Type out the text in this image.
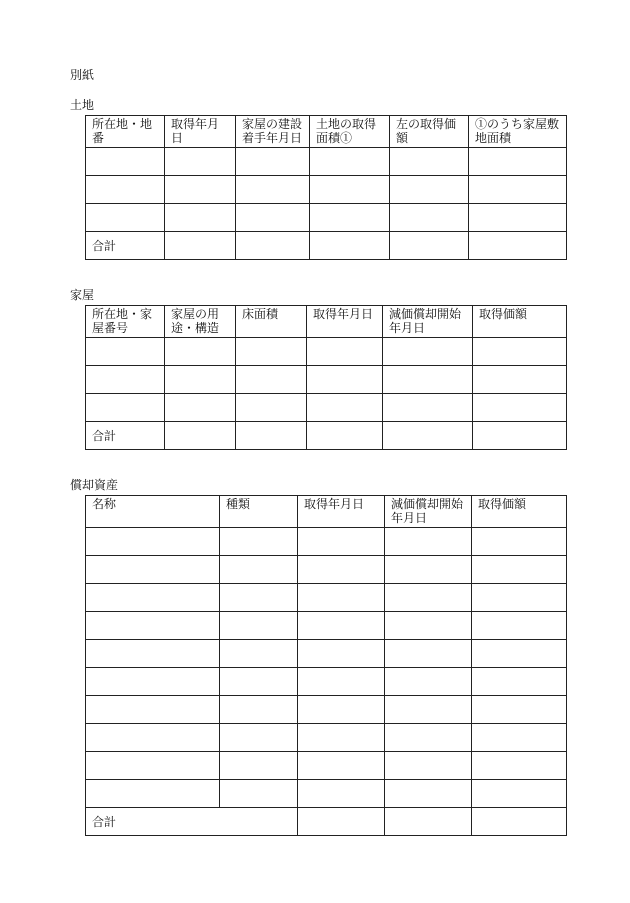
別紙
土地
所在地・地番	取得年月日	家屋の建設着手年月日	土地の取得面積①	左の取得価額	①のうち家屋敷地面積

合計					
家屋
所在地・家屋番号	家屋の用途・構造	床面積	取得年月日	減価償却開始年月日	取得価額

合計					
償却資産
名称	種類	取得年月日	減価償却開始年月日	取得価額

合計				
